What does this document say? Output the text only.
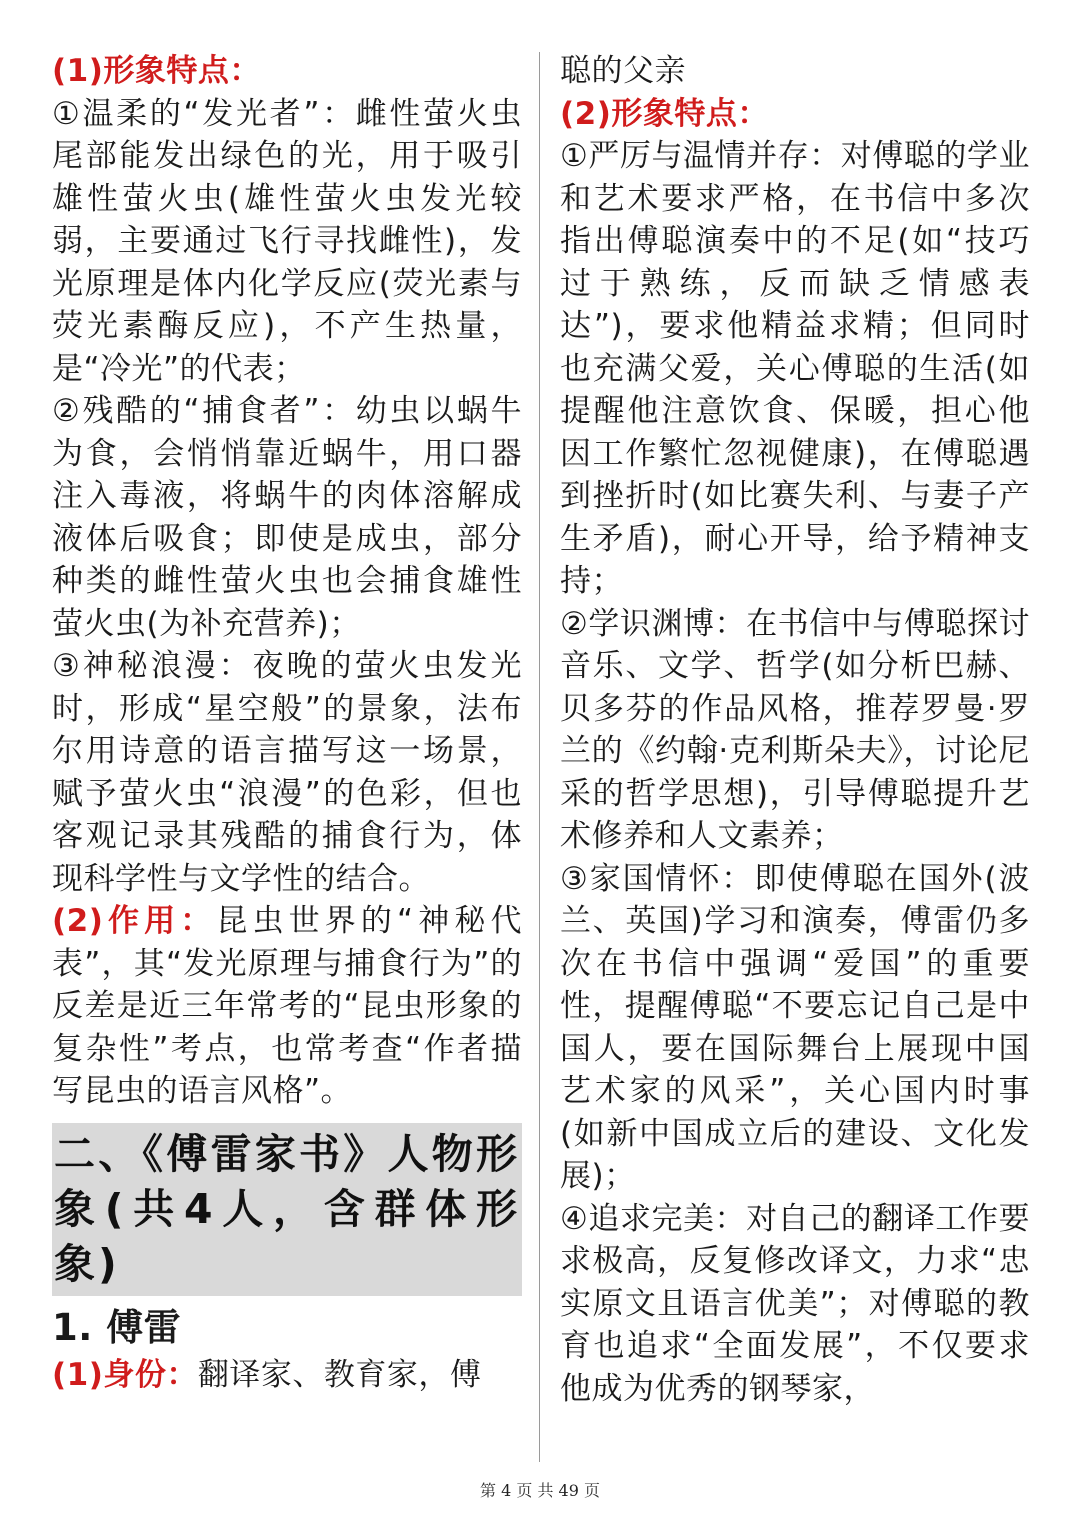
(1)形象特点：

①温柔的“发光者”：雌性萤火虫尾部能发出绿色的光，用于吸引雄性萤火虫(雄性萤火虫发光较弱，主要通过飞行寻找雌性)，发光原理是体内化学反应(荧光素与荧光素酶反应)，不产生热量，是“冷光”的代表；

②残酷的“捕食者”：幼虫以蜗牛为食，会悄悄靠近蜗牛，用口器注入毒液，将蜗牛的肉体溶解成液体后吸食；即使是成虫，部分种类的雌性萤火虫也会捕食雄性萤火虫(为补充营养)；

③神秘浪漫：夜晚的萤火虫发光时，形成“星空般”的景象，法布尔用诗意的语言描写这一场景，赋予萤火虫“浪漫”的色彩，但也客观记录其残酷的捕食行为，体现科学性与文学性的结合。

(2)作用：昆虫世界的“神秘代表”，其“发光原理与捕食行为”的反差是近三年常考的“昆虫形象的复杂性”考点，也常考查“作者描写昆虫的语言风格”。

二、《傅雷家书》人物形象(共4人，含群体形象)

1. 傅雷

(1)身份：翻译家、教育家，傅

聪的父亲

(2)形象特点：

①严厉与温情并存：对傅聪的学业和艺术要求严格，在书信中多次指出傅聪演奏中的不足(如“技巧过于熟练，反而缺乏情感表达”)，要求他精益求精；但同时也充满父爱，关心傅聪的生活(如提醒他注意饮食、保暖，担心他因工作繁忙忽视健康)，在傅聪遇到挫折时(如比赛失利、与妻子产生矛盾)，耐心开导，给予精神支持；

②学识渊博：在书信中与傅聪探讨音乐、文学、哲学(如分析巴赫、贝多芬的作品风格，推荐罗曼·罗兰的《约翰·克利斯朵夫》，讨论尼采的哲学思想)，引导傅聪提升艺术修养和人文素养；

③家国情怀：即使傅聪在国外(波兰、英国)学习和演奏，傅雷仍多次在书信中强调“爱国”的重要性，提醒傅聪“不要忘记自己是中国人，要在国际舞台上展现中国艺术家的风采”，关心国内时事(如新中国成立后的建设、文化发展)；

④追求完美：对自己的翻译工作要求极高，反复修改译文，力求“忠实原文且语言优美”；对傅聪的教育也追求“全面发展”，不仅要求他成为优秀的钢琴家，

第 4 页 共 49 页
